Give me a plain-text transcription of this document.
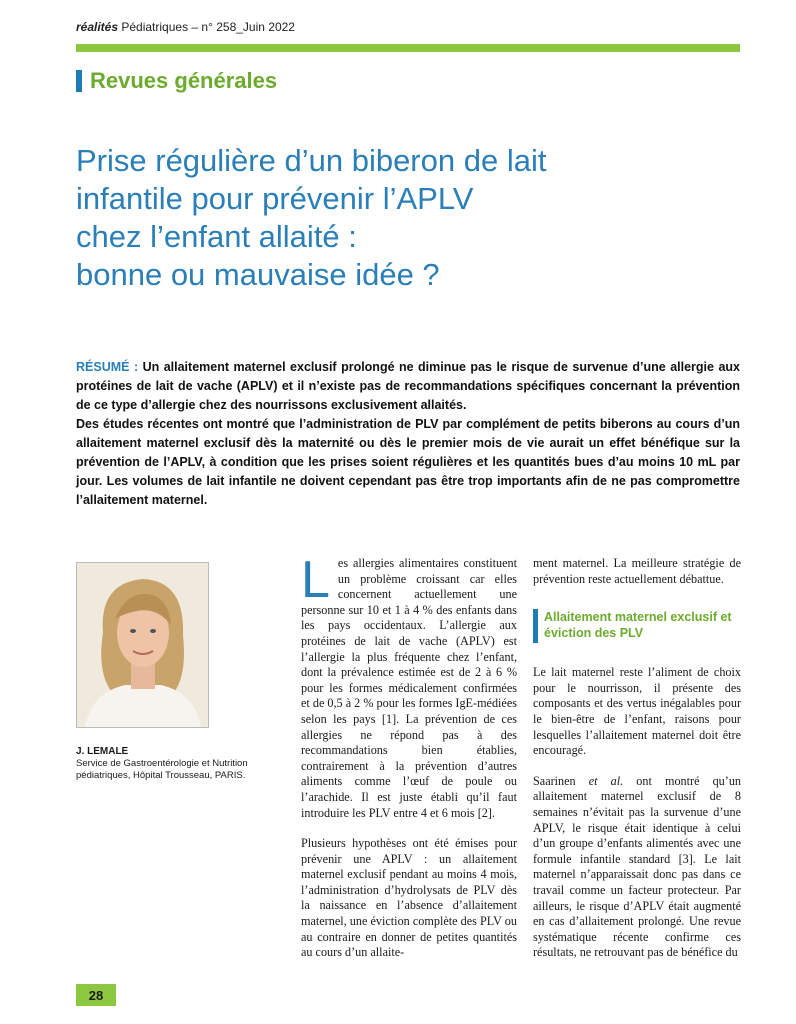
réalités Pédiatriques – n° 258_Juin 2022
Revues générales
Prise régulière d’un biberon de lait
infantile pour prévenir l’APLV
chez l’enfant allaité :
bonne ou mauvaise idée ?

RÉSUMÉ : Un allaitement maternel exclusif prolongé ne diminue pas le risque de survenue d’une allergie aux protéines de lait de vache (APLV) et il n’existe pas de recommandations spécifiques concernant la prévention de ce type d’allergie chez des nourrissons exclusivement allaités.

Des études récentes ont montré que l’administration de PLV par complément de petits biberons au cours d’un allaitement maternel exclusif dès la maternité ou dès le premier mois de vie aurait un effet bénéfique sur la prévention de l’APLV, à condition que les prises soient régulières et les quantités bues d’au moins 10 mL par jour. Les volumes de lait infantile ne doivent cependant pas être trop importants afin de ne pas compromettre l’allaitement maternel.

J. LEMALE
Service de Gastroentérologie et Nutrition pédiatriques, Hôpital Trousseau, PARIS.

Les allergies alimentaires constituent un problème croissant car elles concernent actuellement une personne sur 10 et 1 à 4 % des enfants dans les pays occidentaux. L’allergie aux protéines de lait de vache (APLV) est l’allergie la plus fréquente chez l’enfant, dont la prévalence estimée est de 2 à 6 % pour les formes médicalement confirmées et de 0,5 à 2 % pour les formes IgE-médiées selon les pays [1]. La prévention de ces allergies ne répond pas à des recommandations bien établies, contrairement à la prévention d’autres aliments comme l’œuf de poule ou l’arachide. Il est juste établi qu’il faut introduire les PLV entre 4 et 6 mois [2].

Plusieurs hypothèses ont été émises pour prévenir une APLV : un allaitement maternel exclusif pendant au moins 4 mois, l’administration d’hydrolysats de PLV dès la naissance en l’absence d’allaitement maternel, une éviction complète des PLV ou au contraire en donner de petites quantités au cours d’un allaite-

ment maternel. La meilleure stratégie de prévention reste actuellement débattue.

Allaitement maternel exclusif et éviction des PLV

Le lait maternel reste l’aliment de choix pour le nourrisson, il présente des composants et des vertus inégalables pour le bien-être de l’enfant, raisons pour lesquelles l’allaitement maternel doit être encouragé.

Saarinen et al. ont montré qu’un allaitement maternel exclusif de 8 semaines n’évitait pas la survenue d’une APLV, le risque était identique à celui d’un groupe d’enfants alimentés avec une formule infantile standard [3]. Le lait maternel n’apparaissait donc pas dans ce travail comme un facteur protecteur. Par ailleurs, le risque d’APLV était augmenté en cas d’allaitement prolongé. Une revue systématique récente confirme ces résultats, ne retrouvant pas de bénéfice du

28
